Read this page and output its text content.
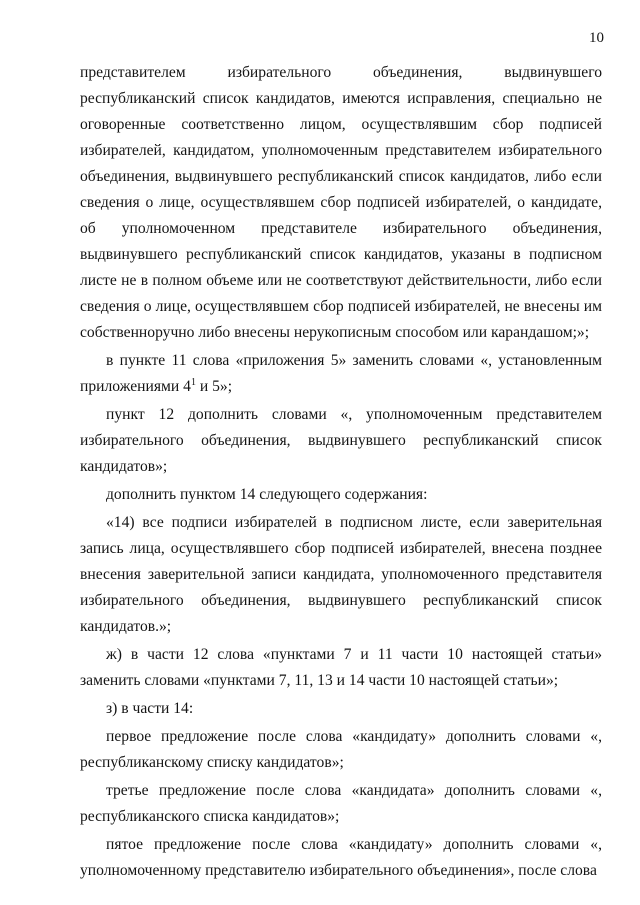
10

представителем избирательного объединения, выдвинувшего республиканский список кандидатов, имеются исправления, специально не оговоренные соответственно лицом, осуществлявшим сбор подписей избирателей, кандидатом, уполномоченным представителем избирательного объединения, выдвинувшего республиканский список кандидатов, либо если сведения о лице, осуществлявшем сбор подписей избирателей, о кандидате, об уполномоченном представителе избирательного объединения, выдвинувшего республиканский список кандидатов, указаны в подписном листе не в полном объеме или не соответствуют действительности, либо если сведения о лице, осуществлявшем сбор подписей избирателей, не внесены им собственноручно либо внесены нерукописным способом или карандашом;»;

в пункте 11 слова «приложения 5» заменить словами «, установленным приложениями $4^1$ и 5»;

пункт 12 дополнить словами «, уполномоченным представителем избирательного объединения, выдвинувшего республиканский список кандидатов»;

дополнить пунктом 14 следующего содержания:

«14) все подписи избирателей в подписном листе, если заверительная запись лица, осуществлявшего сбор подписей избирателей, внесена позднее внесения заверительной записи кандидата, уполномоченного представителя избирательного объединения, выдвинувшего республиканский список кандидатов.»;

ж) в части 12 слова «пунктами 7 и 11 части 10 настоящей статьи» заменить словами «пунктами 7, 11, 13 и 14 части 10 настоящей статьи»;

з) в части 14:

первое предложение после слова «кандидату» дополнить словами «, республиканскому списку кандидатов»;

третье предложение после слова «кандидата» дополнить словами «, республиканского списка кандидатов»;

пятое предложение после слова «кандидату» дополнить словами «, уполномоченному представителю избирательного объединения», после слова
